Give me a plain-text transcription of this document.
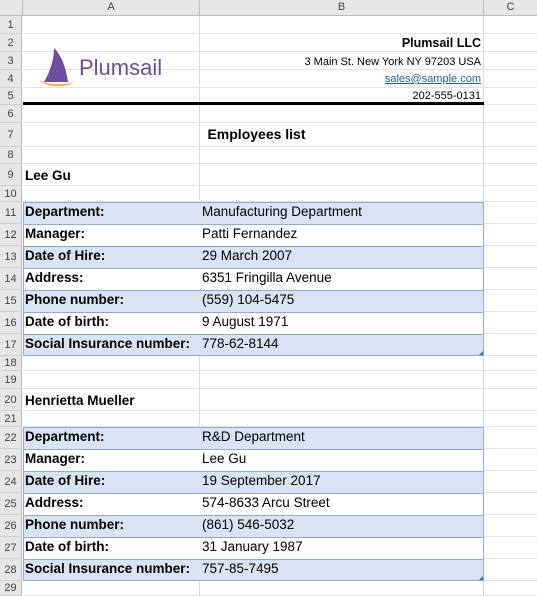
A	B	C
1
2
3
4
5
6
7
8
9
10
11
12
13
14
15
16
17
18
19
20
21
22
23
24
25
26
27
28
29
Plumsail
Plumsail LLC
3 Main St. New York NY 97203 USA
sales@sample.com
202-555-0131
Employees list
Lee Gu
Department:	Manufacturing Department
Manager:	Patti Fernandez
Date of Hire:	29 March 2007
Address:	6351 Fringilla Avenue
Phone number:	(559) 104-5475
Date of birth:	9 August 1971
Social Insurance number: 778-62-8144
Henrietta Mueller
Department:	R&D Department
Manager:	Lee Gu
Date of Hire:	19 September 2017
Address:	574-8633 Arcu Street
Phone number:	(861) 546-5032
Date of birth:	31 January 1987
Social Insurance number: 757-85-7495
